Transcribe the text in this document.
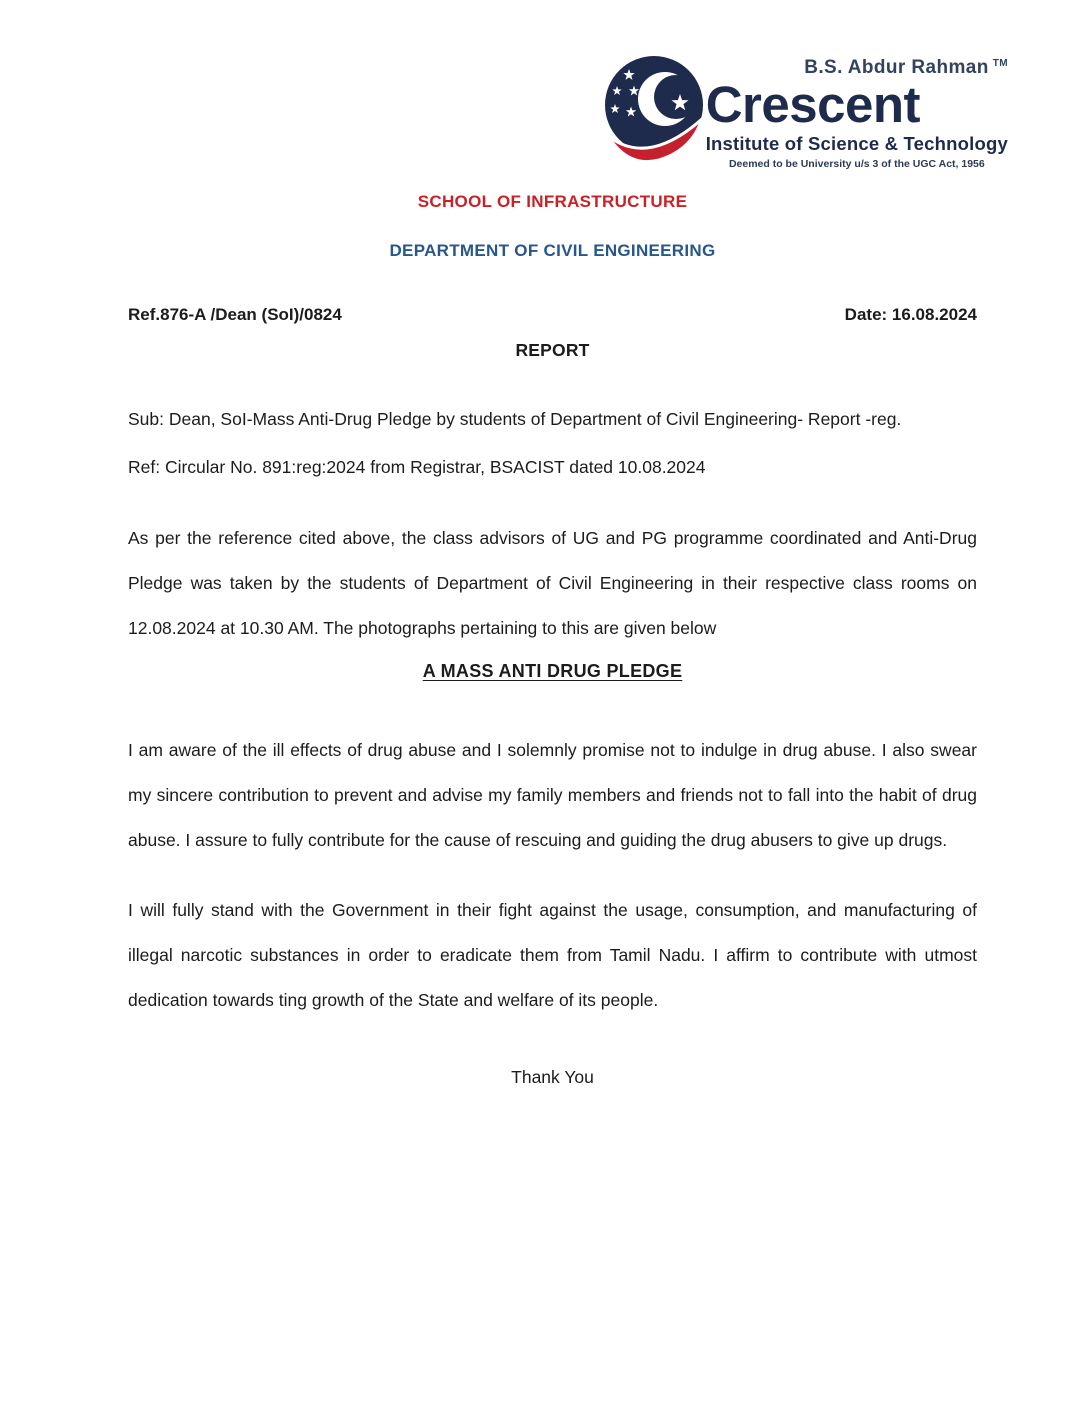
B.S. Abdur Rahman ™
Crescent
Institute of Science & Technology
Deemed to be University u/s 3 of the UGC Act, 1956
SCHOOL OF INFRASTRUCTURE
DEPARTMENT OF CIVIL ENGINEERING
Ref.876-A /Dean (SoI)/0824	Date: 16.08.2024
REPORT

Sub: Dean, SoI-Mass Anti-Drug Pledge by students of Department of Civil Engineering- Report -reg.

Ref: Circular No. 891:reg:2024 from Registrar, BSACIST dated 10.08.2024

As per the reference cited above, the class advisors of UG and PG programme coordinated and Anti-Drug Pledge was taken by the students of Department of Civil Engineering in their respective class rooms on 12.08.2024 at 10.30 AM. The photographs pertaining to this are given below

A MASS ANTI DRUG PLEDGE

I am aware of the ill effects of drug abuse and I solemnly promise not to indulge in drug abuse. I also swear my sincere contribution to prevent and advise my family members and friends not to fall into the habit of drug abuse. I assure to fully contribute for the cause of rescuing and guiding the drug abusers to give up drugs.

I will fully stand with the Government in their fight against the usage, consumption, and manufacturing of illegal narcotic substances in order to eradicate them from Tamil Nadu. I affirm to contribute with utmost dedication towards ting growth of the State and welfare of its people.

Thank You
